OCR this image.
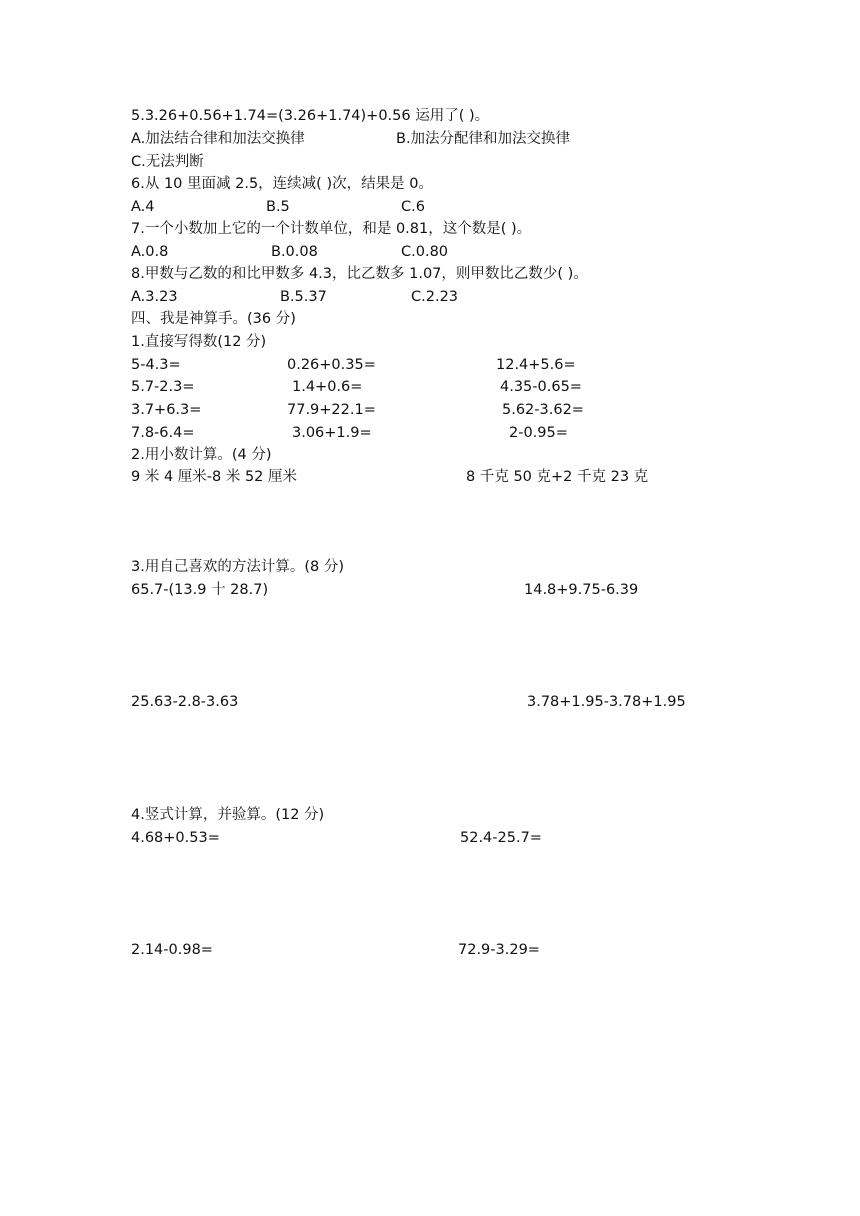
5.3.26+0.56+1.74=(3.26+1.74)+0.56 运用了( )。
A.加法结合律和加法交换律	B.加法分配律和加法交换律
C.无法判断
6.从 10 里面减 2.5，连续减( )次，结果是 0。
A.4	B.5	C.6
7.一个小数加上它的一个计数单位，和是 0.81，这个数是( )。
A.0.8	B.0.08	C.0.80
8.甲数与乙数的和比甲数多 4.3，比乙数多 1.07，则甲数比乙数少( )。
A.3.23	B.5.37	C.2.23
四、我是神算手。(36 分)
1.直接写得数(12 分)
5-4.3=	0.26+0.35=	12.4+5.6=
5.7-2.3=	1.4+0.6=	4.35-0.65=
3.7+6.3=	77.9+22.1=	5.62-3.62=
7.8-6.4=	3.06+1.9=	2-0.95=
2.用小数计算。(4 分)
9 米 4 厘米-8 米 52 厘米	8 千克 50 克+2 千克 23 克
3.用自己喜欢的方法计算。(8 分)
65.7-(13.9 十 28.7)	14.8+9.75-6.39
25.63-2.8-3.63	3.78+1.95-3.78+1.95
4.竖式计算，并验算。(12 分)
4.68+0.53=	52.4-25.7=
2.14-0.98=	72.9-3.29=
